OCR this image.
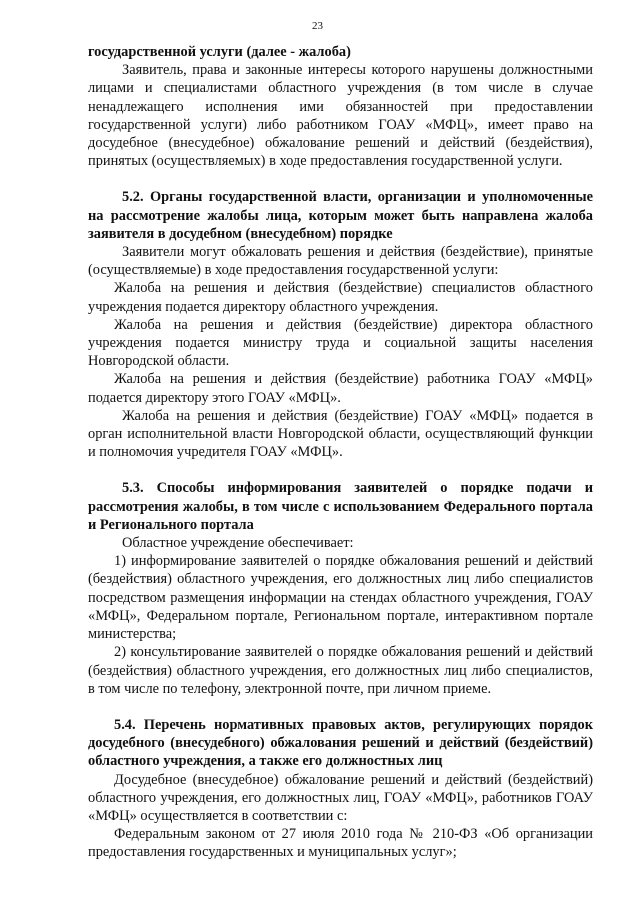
23

государственной услуги (далее - жалоба)

Заявитель, права и законные интересы которого нарушены должностными лицами и специалистами областного учреждения (в том числе в случае ненадлежащего исполнения ими обязанностей при предоставлении государственной услуги) либо работником ГОАУ «МФЦ», имеет право на досудебное (внесудебное) обжалование решений и действий (бездействия), принятых (осуществляемых) в ходе предоставления государственной услуги.

5.2. Органы государственной власти, организации и уполномоченные на рассмотрение жалобы лица, которым может быть направлена жалоба заявителя в досудебном (внесудебном) порядке

Заявители могут обжаловать решения и действия (бездействие), принятые (осуществляемые) в ходе предоставления государственной услуги:

Жалоба на решения и действия (бездействие) специалистов областного учреждения подается директору областного учреждения.

Жалоба на решения и действия (бездействие) директора областного учреждения подается министру труда и социальной защиты населения Новгородской области.

Жалоба на решения и действия (бездействие) работника ГОАУ «МФЦ» подается директору этого ГОАУ «МФЦ».

Жалоба на решения и действия (бездействие) ГОАУ «МФЦ» подается в орган исполнительной власти Новгородской области, осуществляющий функции и полномочия учредителя ГОАУ «МФЦ».

5.3. Способы информирования заявителей о порядке подачи и рассмотрения жалобы, в том числе с использованием Федерального портала и Регионального портала

Областное учреждение обеспечивает:

1) информирование заявителей о порядке обжалования решений и действий (бездействия) областного учреждения, его должностных лиц либо специалистов посредством размещения информации на стендах областного учреждения, ГОАУ «МФЦ», Федеральном портале, Региональном портале, интерактивном портале министерства;

2) консультирование заявителей о порядке обжалования решений и действий (бездействия) областного учреждения, его должностных лиц либо специалистов, в том числе по телефону, электронной почте, при личном приеме.

5.4. Перечень нормативных правовых актов, регулирующих порядок досудебного (внесудебного) обжалования решений и действий (бездействий) областного учреждения, а также его должностных лиц

Досудебное (внесудебное) обжалование решений и действий (бездействий) областного учреждения, его должностных лиц, ГОАУ «МФЦ», работников ГОАУ «МФЦ» осуществляется в соответствии с:

Федеральным законом от 27 июля 2010 года № 210-ФЗ «Об организации предоставления государственных и муниципальных услуг»;
